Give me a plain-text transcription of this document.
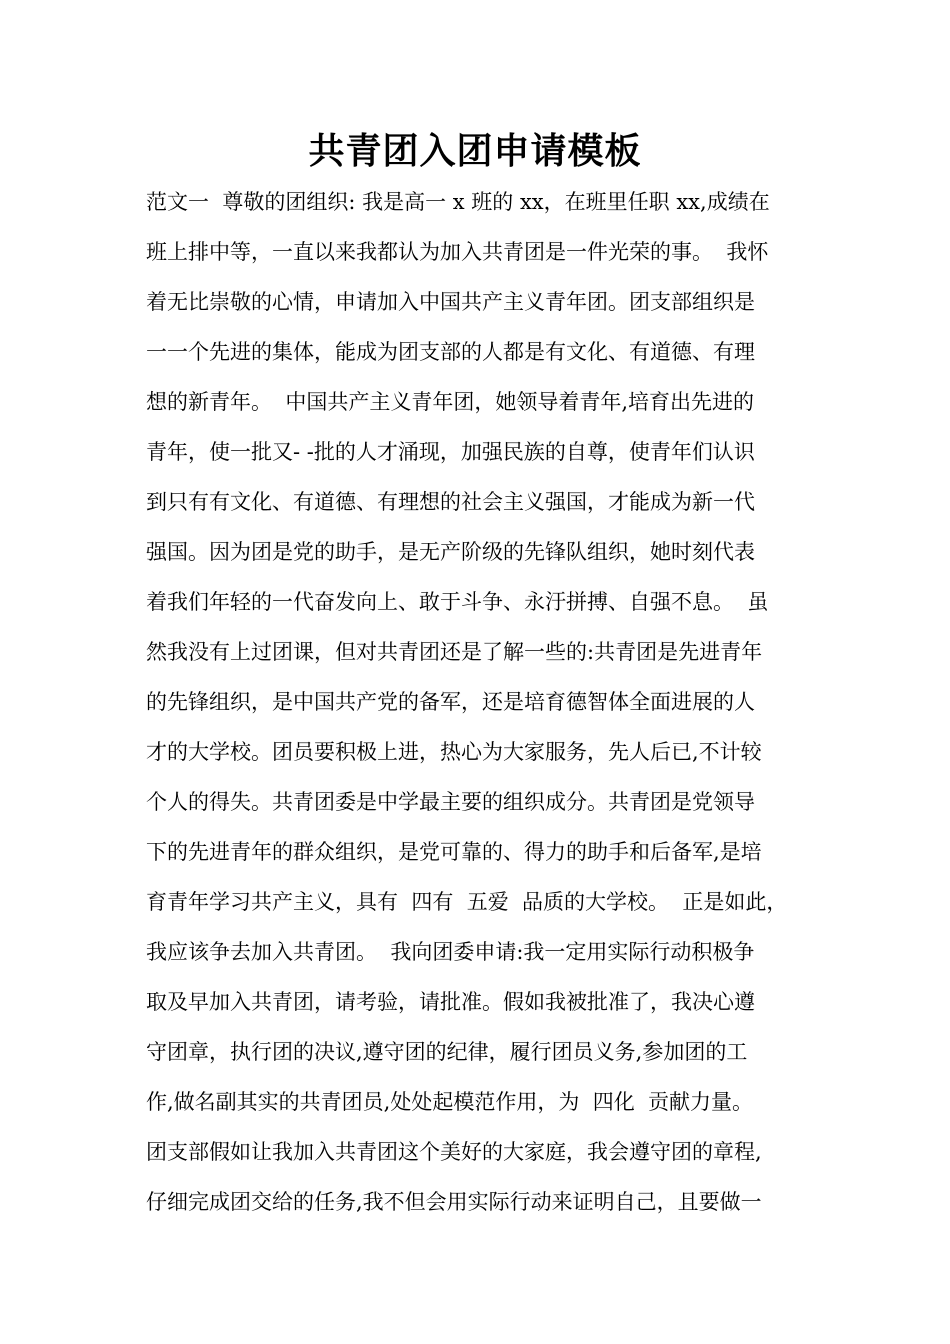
共青团入团申请模板
范文一  尊敬的团组织: 我是高一 x 班的 xx，在班里任职 xx,成绩在
班上排中等，一直以来我都认为加入共青团是一件光荣的事。  我怀
着无比崇敬的心情，申请加入中国共产主义青年团。团支部组织是
一一个先进的集体，能成为团支部的人都是有文化、有道德、有理
想的新青年。  中国共产主义青年团，她领导着青年,培育出先进的
青年，使一批又- -批的人才涌现，加强民族的自尊，使青年们认识
到只有有文化、有道德、有理想的社会主义强国，才能成为新一代
强国。因为团是党的助手，是无产阶级的先锋队组织，她时刻代表
着我们年轻的一代奋发向上、敢于斗争、永汙拼搏、自强不息。  虽
然我没有上过团课，但对共青团还是了解一些的:共青团是先进青年
的先锋组织，是中国共产党的备军，还是培育德智体全面进展的人
才的大学校。团员要积极上进，热心为大家服务，先人后已,不计较
个人的得失。共青团委是中学最主要的组织成分。共青团是党领导
下的先进青年的群众组织，是党可靠的、得力的助手和后备军,是培
育青年学习共产主义，具有  四有  五爱  品质的大学校。  正是如此，
我应该争去加入共青团。  我向团委申请:我一定用实际行动积极争
取及早加入共青团，请考验，请批准。假如我被批准了，我决心遵
守团章，执行团的决议,遵守团的纪律，履行团员义务,参加团的工
作,做名副其实的共青团员,处处起模范作用，为  四化  贡献力量。
团支部假如让我加入共青团这个美好的大家庭，我会遵守团的章程,
仔细完成团交给的任务,我不但会用实际行动来证明自己，且要做一
